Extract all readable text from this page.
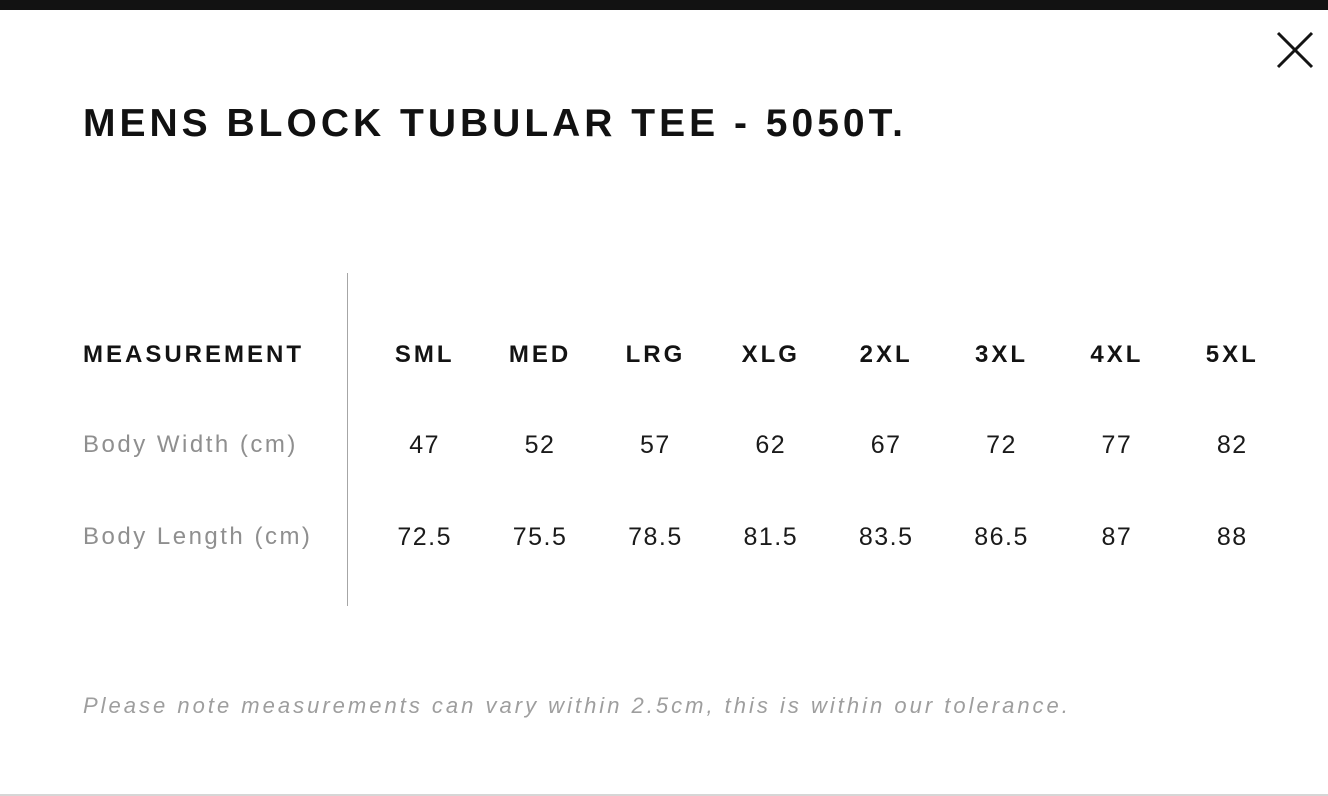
MENS BLOCK TUBULAR TEE - 5050T.
MEASUREMENT	SML	MED	LRG	XLG	2XL	3XL	4XL	5XL
Body Width (cm)	47	52	57	62	67	72	77	82
Body Length (cm)	72.5	75.5	78.5	81.5	83.5	86.5	87	88

Please note measurements can vary within 2.5cm, this is within our tolerance.
